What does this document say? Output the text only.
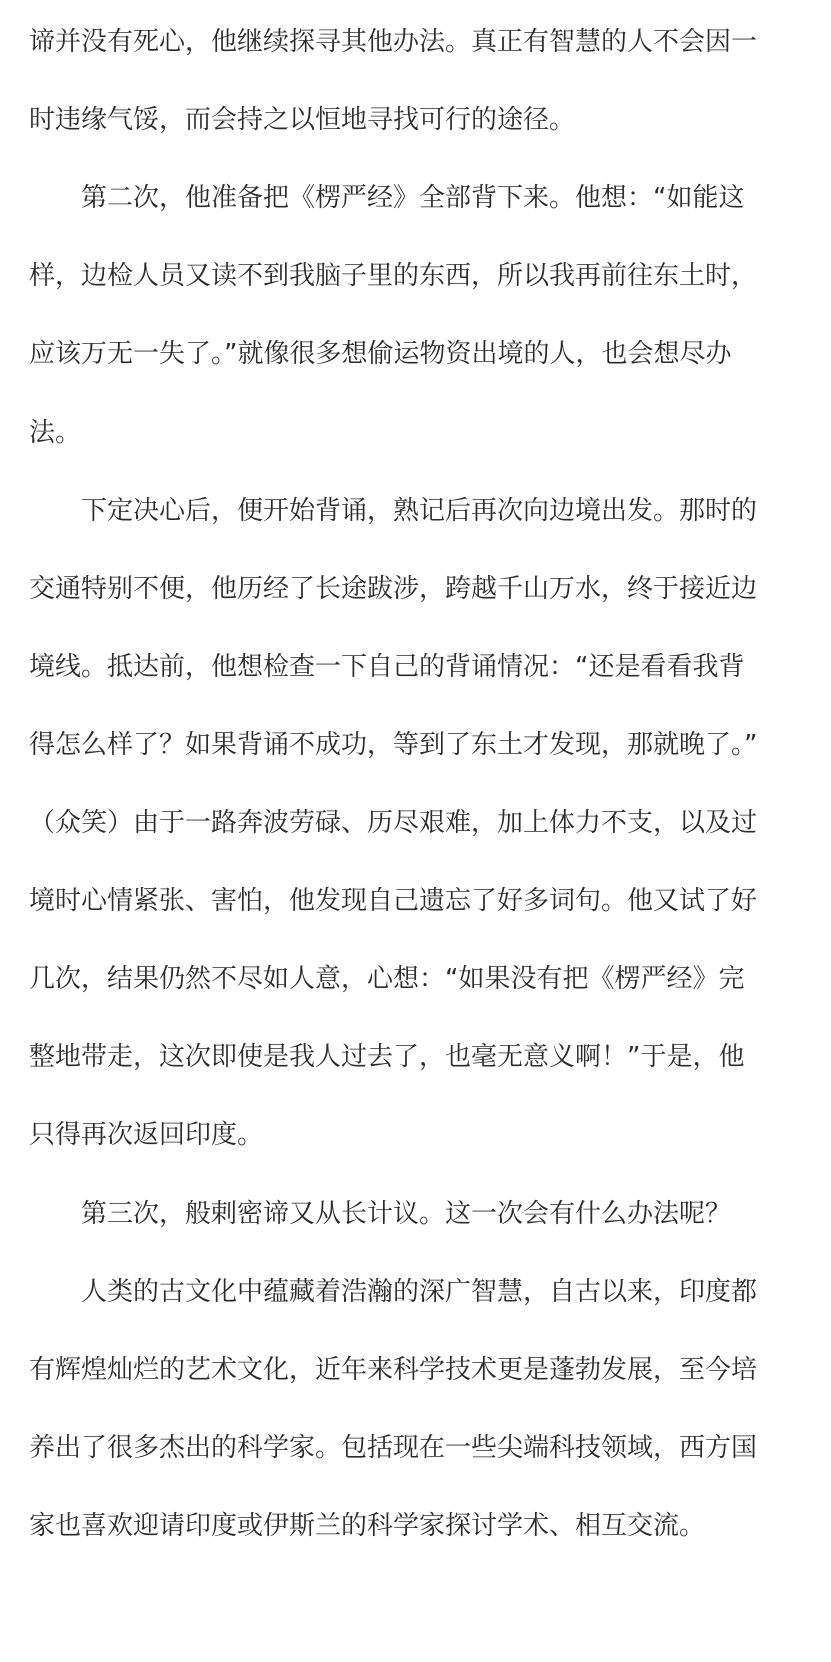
谛并没有死心，他继续探寻其他办法。真正有智慧的人不会因一
时违缘气馁，而会持之以恒地寻找可行的途径。
第二次，他准备把《楞严经》全部背下来。他想：“如能这
样，边检人员又读不到我脑子里的东西，所以我再前往东土时，
应该万无一失了。”就像很多想偷运物资出境的人，也会想尽办
法。
下定决心后，便开始背诵，熟记后再次向边境出发。那时的
交通特别不便，他历经了长途跋涉，跨越千山万水，终于接近边
境线。抵达前，他想检查一下自己的背诵情况：“还是看看我背
得怎么样了？如果背诵不成功，等到了东土才发现，那就晚了。”
（众笑）由于一路奔波劳碌、历尽艰难，加上体力不支，以及过
境时心情紧张、害怕，他发现自己遗忘了好多词句。他又试了好
几次，结果仍然不尽如人意，心想：“如果没有把《楞严经》完
整地带走，这次即使是我人过去了，也毫无意义啊！”于是，他
只得再次返回印度。
第三次，般剌密谛又从长计议。这一次会有什么办法呢？
人类的古文化中蕴藏着浩瀚的深广智慧，自古以来，印度都
有辉煌灿烂的艺术文化，近年来科学技术更是蓬勃发展，至今培
养出了很多杰出的科学家。包括现在一些尖端科技领域，西方国
家也喜欢迎请印度或伊斯兰的科学家探讨学术、相互交流。
